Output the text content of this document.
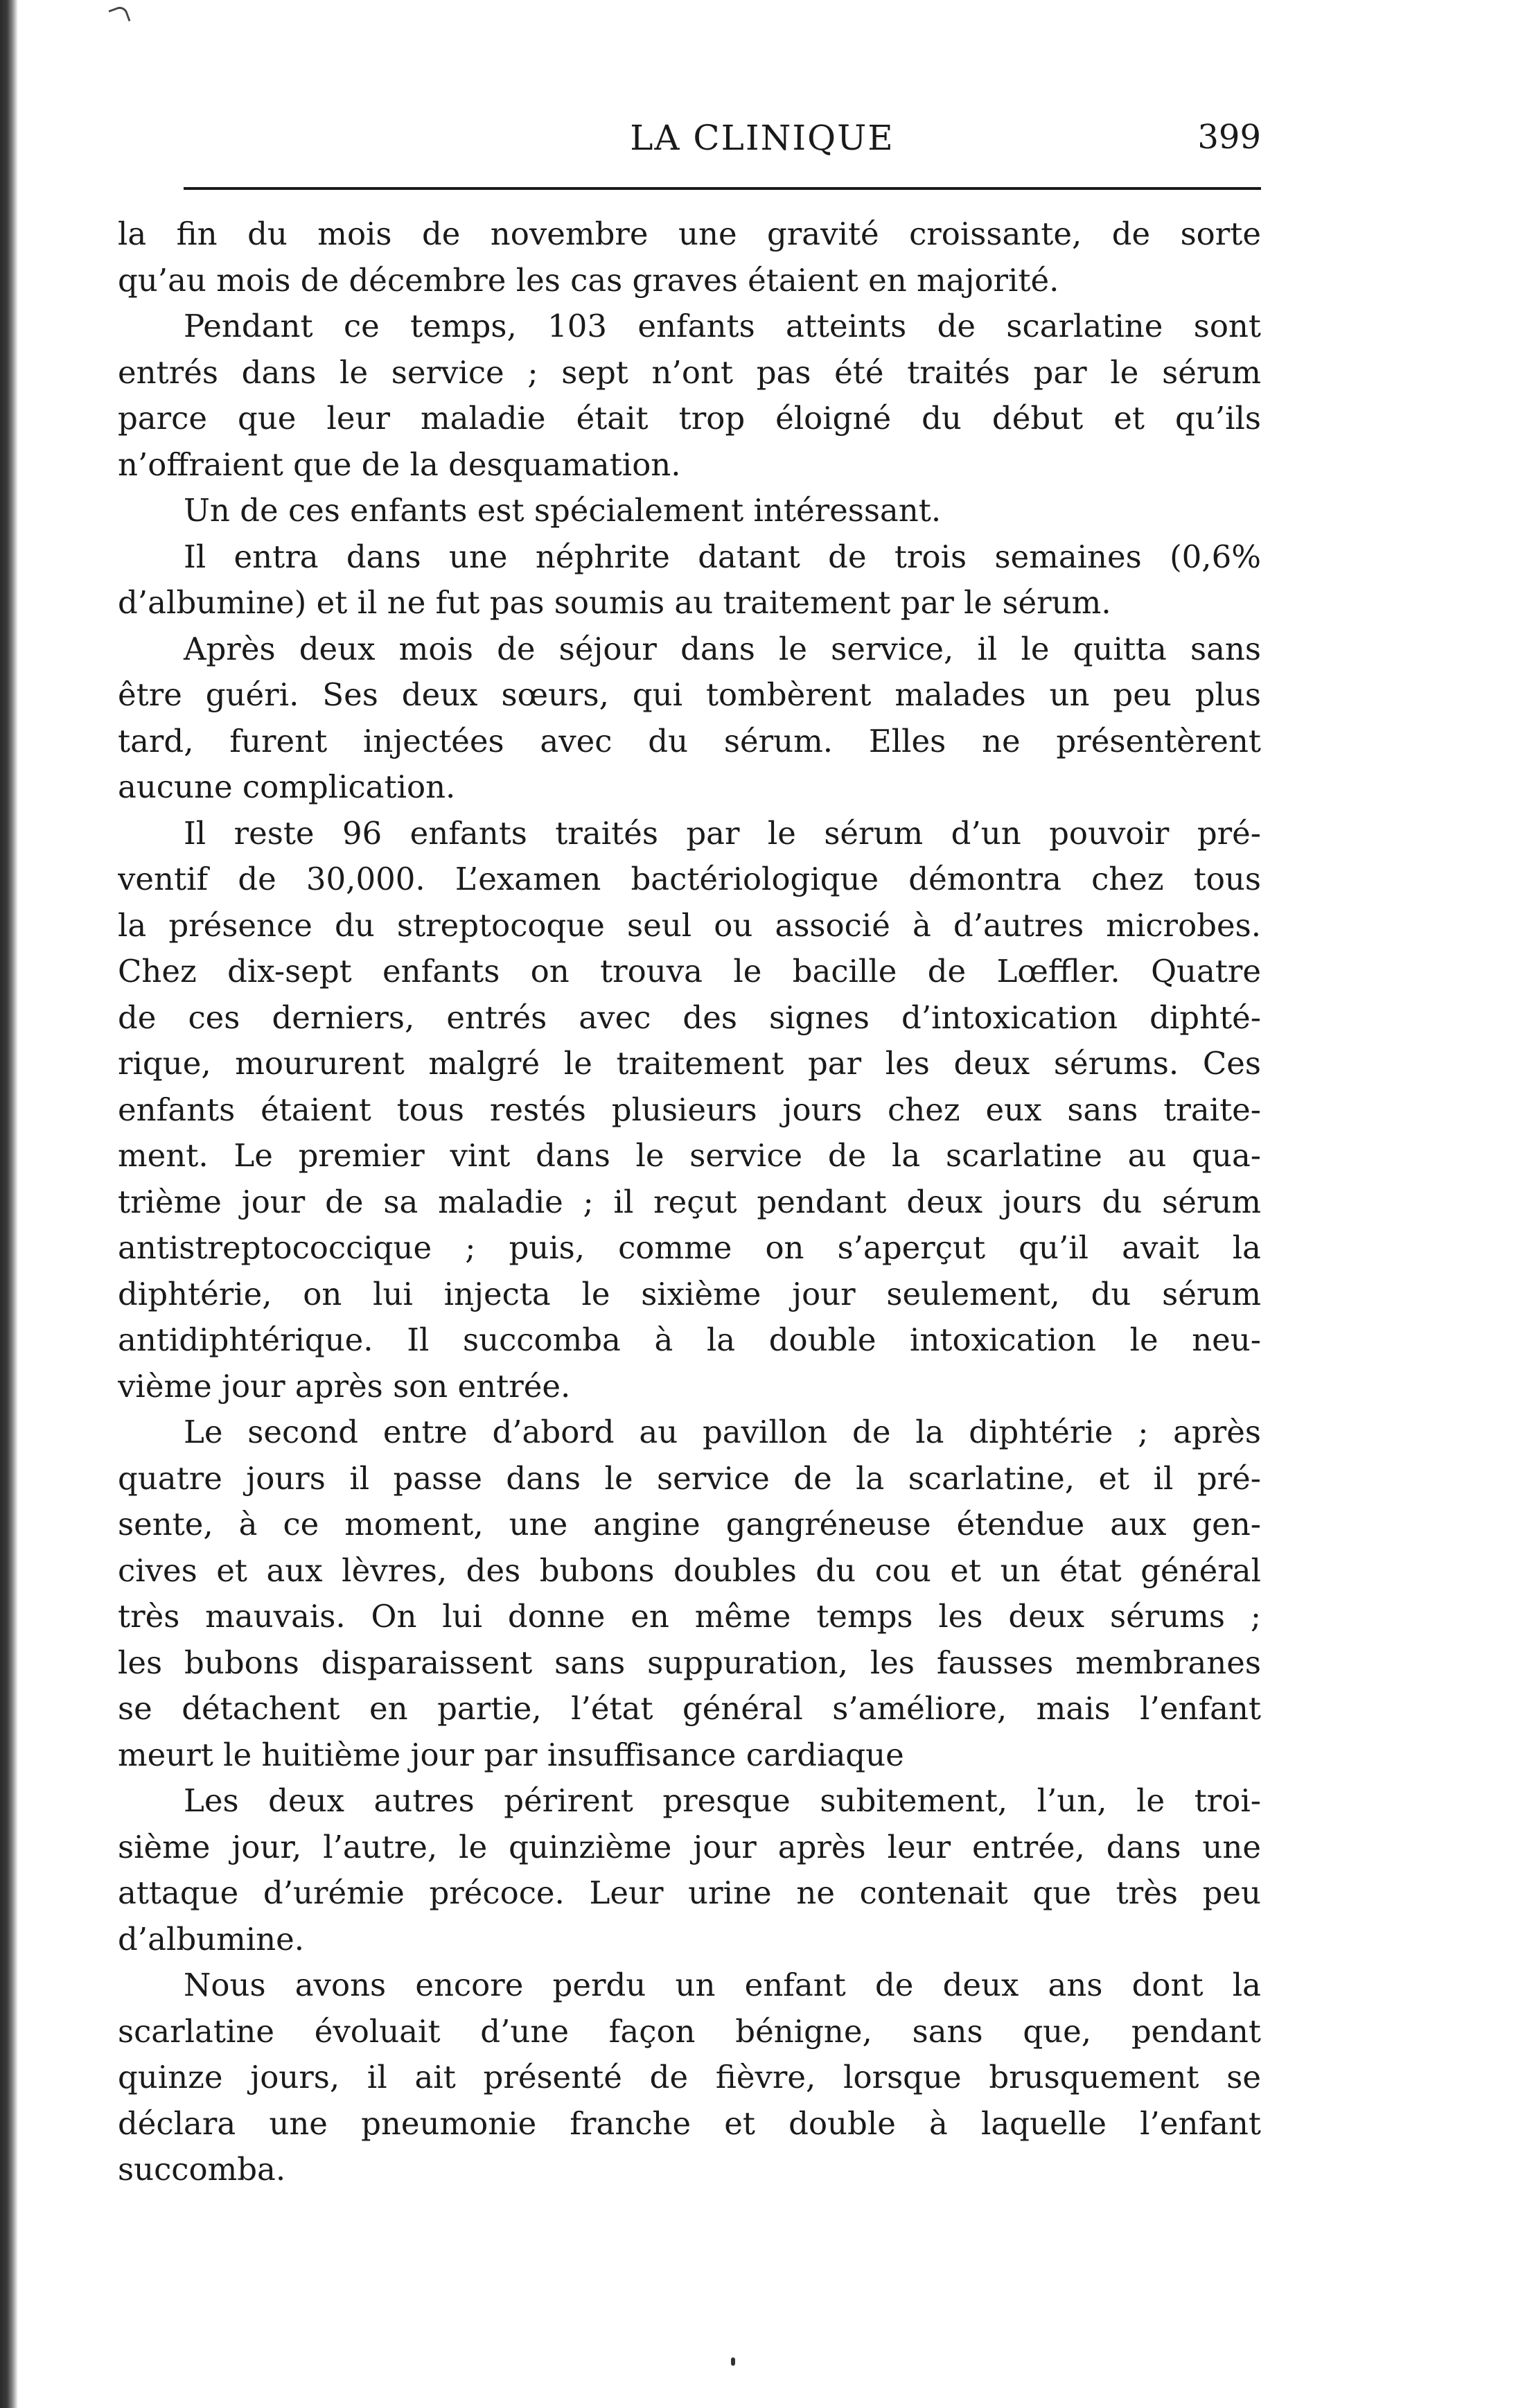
LA CLINIQUE	399
la fin du mois de novembre une gravité croissante, de sorte
qu’au mois de décembre les cas graves étaient en majorité.
Pendant ce temps, 103 enfants atteints de scarlatine sont
entrés dans le service ; sept n’ont pas été traités par le sérum
parce que leur maladie était trop éloigné du début et qu’ils
n’offraient que de la desquamation.
Un de ces enfants est spécialement intéressant.
Il entra dans une néphrite datant de trois semaines (0,6%
d’albumine) et il ne fut pas soumis au traitement par le sérum.
Après deux mois de séjour dans le service, il le quitta sans
être guéri. Ses deux sœurs, qui tombèrent malades un peu plus
tard, furent injectées avec du sérum. Elles ne présentèrent
aucune complication.
Il reste 96 enfants traités par le sérum d’un pouvoir pré-
ventif de 30,000. L’examen bactériologique démontra chez tous
la présence du streptocoque seul ou associé à d’autres microbes.
Chez dix-sept enfants on trouva le bacille de Lœffler. Quatre
de ces derniers, entrés avec des signes d’intoxication diphté-
rique, moururent malgré le traitement par les deux sérums. Ces
enfants étaient tous restés plusieurs jours chez eux sans traite-
ment. Le premier vint dans le service de la scarlatine au qua-
trième jour de sa maladie ; il reçut pendant deux jours du sérum
antistreptococcique ; puis, comme on s’aperçut qu’il avait la
diphtérie, on lui injecta le sixième jour seulement, du sérum
antidiphtérique. Il succomba à la double intoxication le neu-
vième jour après son entrée.
Le second entre d’abord au pavillon de la diphtérie ; après
quatre jours il passe dans le service de la scarlatine, et il pré-
sente, à ce moment, une angine gangréneuse étendue aux gen-
cives et aux lèvres, des bubons doubles du cou et un état général
très mauvais. On lui donne en même temps les deux sérums ;
les bubons disparaissent sans suppuration, les fausses membranes
se détachent en partie, l’état général s’améliore, mais l’enfant
meurt le huitième jour par insuffisance cardiaque
Les deux autres périrent presque subitement, l’un, le troi-
sième jour, l’autre, le quinzième jour après leur entrée, dans une
attaque d’urémie précoce. Leur urine ne contenait que très peu
d’albumine.
Nous avons encore perdu un enfant de deux ans dont la
scarlatine évoluait d’une façon bénigne, sans que, pendant
quinze jours, il ait présenté de fièvre, lorsque brusquement se
déclara une pneumonie franche et double à laquelle l’enfant
succomba.
